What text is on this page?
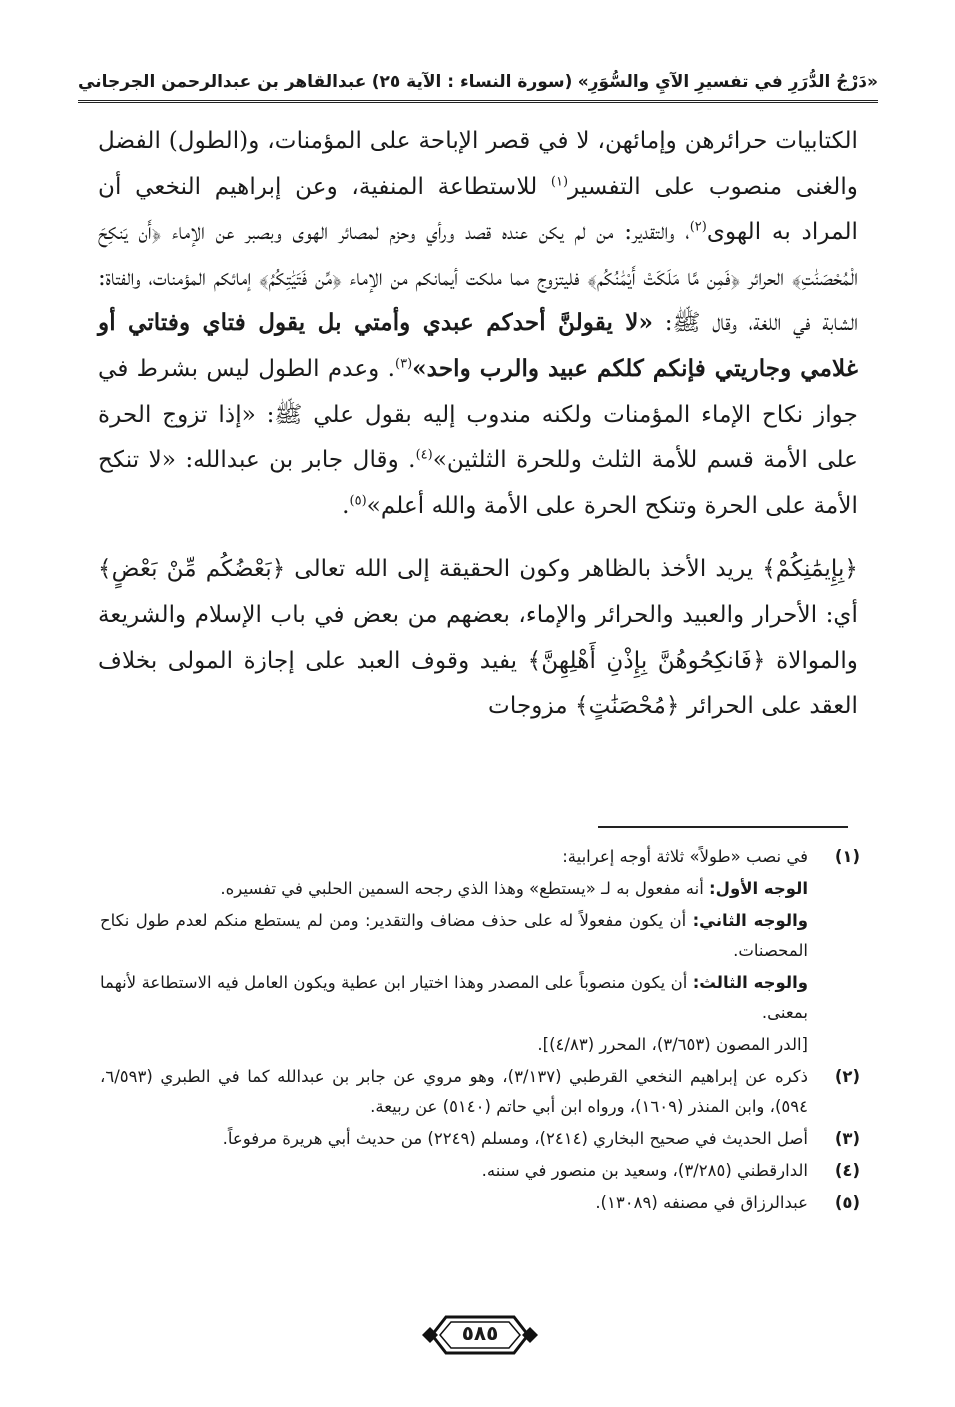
«دَرْجُ الدُّرَرِ في تفسيرِ الآيِ والسُّوَرِ»
(سورة النساء : الآية ٢٥)
عبدالقاهر بن عبدالرحمن الجرجاني

الكتابيات حرائرهن وإمائهن، لا في قصر الإباحة على المؤمنات، و(الطول) الفضل والغنى منصوب على التفسير$^{(١)}$ للاستطاعة المنفية، وعن إبراهيم النخعي أن المراد به الهوى$^{(٢)}$، والتقدير: من لم يكن عنده قصد ورأي وحزم لمصائر الهوى وبصبر عن الإماء ﴿أَن يَنكِحَ الْمُحْصَنَٰتِ﴾ الحرائر ﴿فَمِن مَّا مَلَكَتْ أَيْمَٰنُكُم﴾ فليتزوج مما ملكت أيمانكم من الإماء ﴿مِّن فَتَيَٰتِكُمُ﴾ إمائكم المؤمنات، والفتاة: الشابة في اللغة، وقال ﷺ: «لا يقولنَّ أحدكم عبدي وأمتي بل يقول فتاي وفتاتي أو غلامي وجاريتي فإنكم كلكم عبيد والرب واحد»$^{(٣)}$. وعدم الطول ليس بشرط في جواز نكاح الإماء المؤمنات ولكنه مندوب إليه بقول علي ﷺ: «إذا تزوج الحرة على الأمة قسم للأمة الثلث وللحرة الثلثين»$^{(٤)}$. وقال جابر بن عبدالله: «لا تنكح الأمة على الحرة وتنكح الحرة على الأمة والله أعلم»$^{(٥)}$.

﴿بِإِيمَٰنِكُمْ﴾ يريد الأخذ بالظاهر وكون الحقيقة إلى الله تعالى ﴿بَعْضُكُم مِّنْ بَعْضٍ﴾ أي: الأحرار والعبيد والحرائر والإماء، بعضهم من بعض في باب الإسلام والشريعة والموالاة ﴿فَانكِحُوهُنَّ بِإِذْنِ أَهْلِهِنَّ﴾ يفيد وقوف العبد على إجازة المولى بخلاف العقد على الحرائر ﴿مُحْصَنَٰتٍ﴾ مزوجات

(١)

في نصب «طولاً» ثلاثة أوجه إعرابية:

الوجه الأول: أنه مفعول به لـ «يستطع» وهذا الذي رجحه السمين الحلبي في تفسيره.

والوجه الثاني: أن يكون مفعولاً له على حذف مضاف والتقدير: ومن لم يستطع منكم لعدم طول نكاح المحصنات.

والوجه الثالث: أن يكون منصوباً على المصدر وهذا اختيار ابن عطية ويكون العامل فيه الاستطاعة لأنهما بمعنى.

[الدر المصون (٣/٦٥٣)، المحرر (٤/٨٣)].

(٢)
ذكره عن إبراهيم النخعي القرطبي (٣/١٣٧)، وهو مروي عن جابر بن عبدالله كما في الطبري (٦/٥٩٣، ٥٩٤)، وابن المنذر (١٦٠٩)، ورواه ابن أبي حاتم (٥١٤٠) عن ربيعة.
(٣)
أصل الحديث في صحيح البخاري (٢٤١٤)، ومسلم (٢٢٤٩) من حديث أبي هريرة مرفوعاً.
(٤)
الدارقطني (٣/٢٨٥)، وسعيد بن منصور في سننه.
(٥)
عبدالرزاق في مصنفه (١٣٠٨٩).
٥٨٥
